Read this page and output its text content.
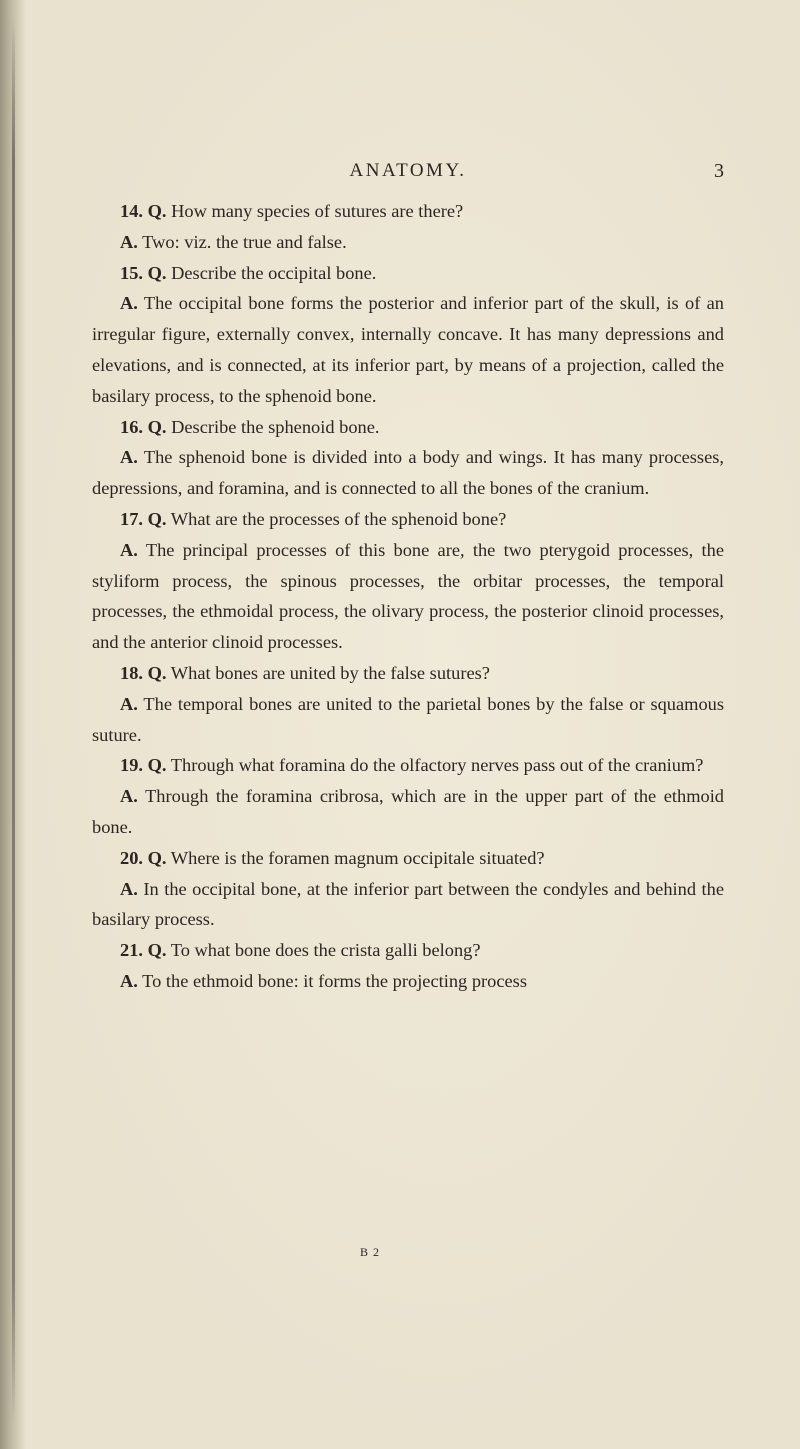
ANATOMY.	3

14. Q. How many species of sutures are there?

A. Two: viz. the true and false.

15. Q. Describe the occipital bone.

A. The occipital bone forms the posterior and inferior part of the skull, is of an irregular figure, externally convex, internally concave. It has many depressions and elevations, and is connected, at its inferior part, by means of a projection, called the basilary process, to the sphenoid bone.

16. Q. Describe the sphenoid bone.

A. The sphenoid bone is divided into a body and wings. It has many processes, depressions, and foramina, and is connected to all the bones of the cranium.

17. Q. What are the processes of the sphenoid bone?

A. The principal processes of this bone are, the two pterygoid processes, the styliform process, the spinous processes, the orbitar processes, the temporal processes, the ethmoidal process, the olivary process, the posterior clinoid processes, and the anterior clinoid processes.

18. Q. What bones are united by the false sutures?

A. The temporal bones are united to the parietal bones by the false or squamous suture.

19. Q. Through what foramina do the olfactory nerves pass out of the cranium?

A. Through the foramina cribrosa, which are in the upper part of the ethmoid bone.

20. Q. Where is the foramen magnum occipitale situated?

A. In the occipital bone, at the inferior part between the condyles and behind the basilary process.

21. Q. To what bone does the crista galli belong?

A. To the ethmoid bone: it forms the projecting process

B 2
